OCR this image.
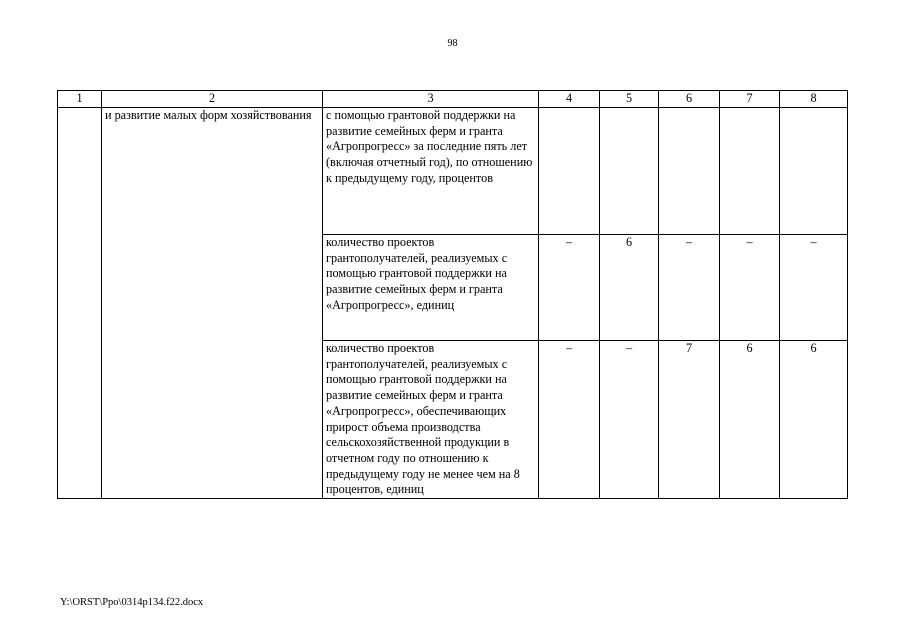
98
1	2	3	4	5	6	7	8
	и развитие малых форм хозяйствования	с помощью грантовой поддержки на развитие семейных ферм и гранта «Агропрогресс» за последние пять лет (включая отчетный год), по отношению к предыдущему году, процентов					
		количество проектов грантополучателей, реализуемых с помощью грантовой поддержки на развитие семейных ферм и гранта «Агропрогресс», единиц	–	6	–	–	–
		количество проектов грантополучателей, реализуемых с помощью грантовой поддержки на развитие семейных ферм и гранта «Агропрогресс», обеспечивающих прирост объема производства сельскохозяйственной продукции в отчетном году по отношению к предыдущему году не менее чем на 8 процентов, единиц	–	–	7	6	6
Y:\ORST\Ppo\0314p134.f22.docx
